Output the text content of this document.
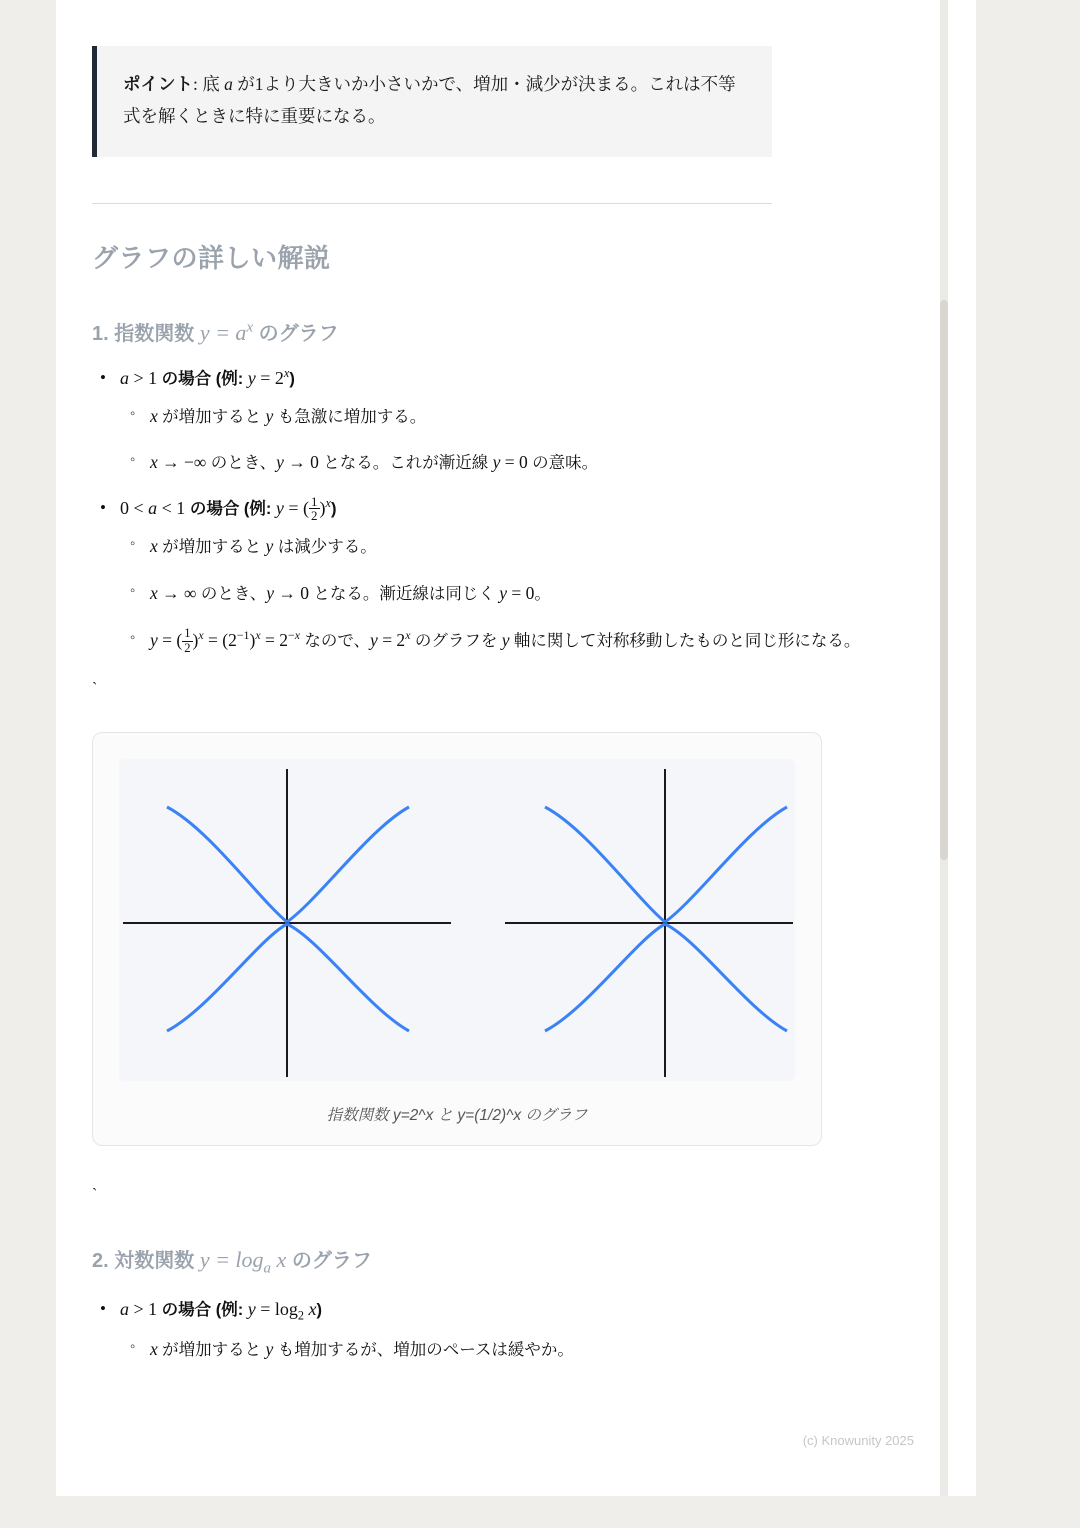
ポイント: 底 a が1より大きいか小さいかで、増加・減少が決まる。これは不等式を解くときに特に重要になる。

グラフの詳しい解説
1. 指数関数 $y = a^x$ のグラフ
• a > 1 の場合 (例: $y = 2^x$)
◦ x が増加すると y も急激に増加する。
◦ x → −∞ のとき、y → 0 となる。これが漸近線 y = 0 の意味。
• 0 < a < 1 の場合 (例: y = ( $\frac{1}{2} )^x$)
◦ x が増加すると y は減少する。
◦ x → ∞ のとき、y → 0 となる。漸近線は同じく y = 0。
◦ y = ( $\frac{1}{2} )^x = (2^{-1})^x = 2^{-x}$ なので、$y = 2^x$ のグラフを y 軸に関して対称移動したものと同じ形になる。
`
指数関数 y=2^x と y=(1/2)^x のグラフ
`
2. 対数関数 $y = \log_a x$ のグラフ
• a > 1 の場合 (例: $y = \log_2 x$)
◦ x が増加すると y も増加するが、増加のペースは緩やか。
(c) Knowunity 2025
